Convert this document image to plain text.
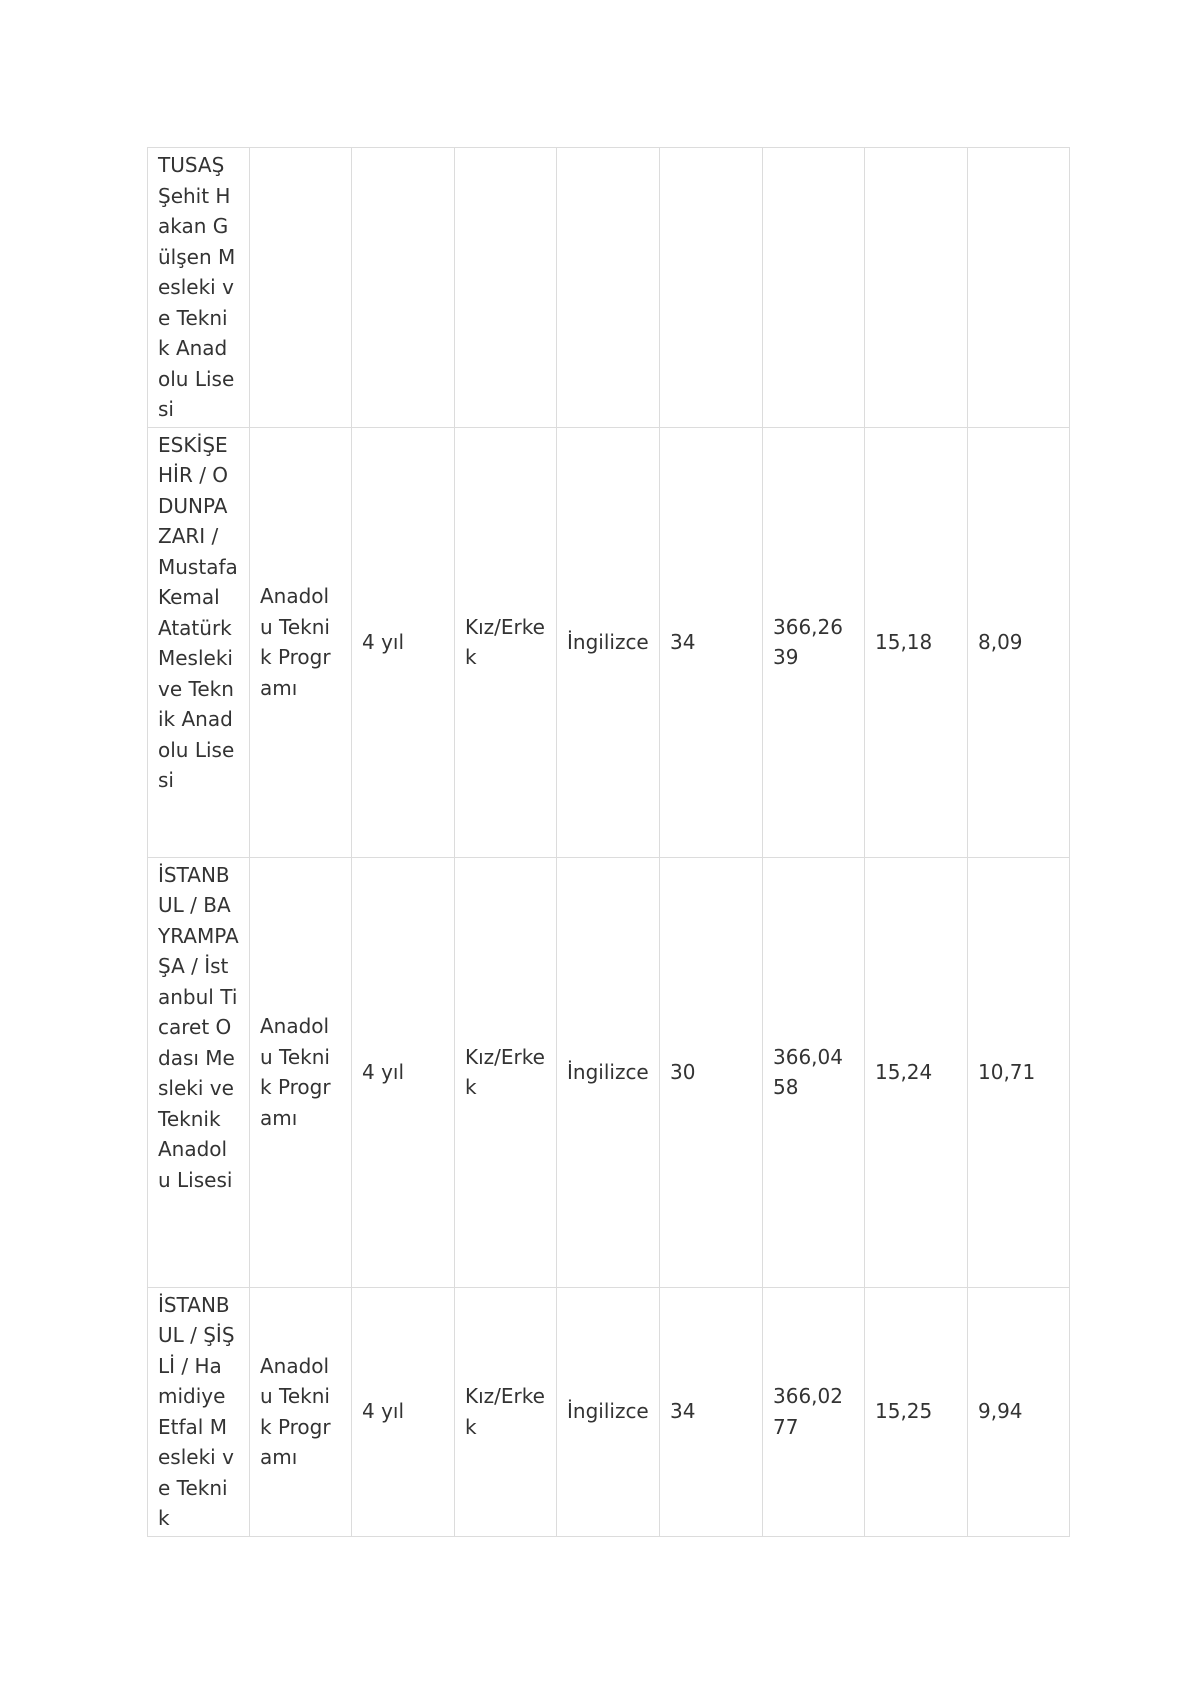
TUSAŞ Şehit Hakan Gülşen Mesleki ve Teknik Anadolu Lisesi								
ESKİŞEHİR / ODUNPAZARI / Mustafa Kemal Atatürk Mesleki ve Teknik Anadolu Lisesi	Anadolu Teknik Programı	4 yıl	Kız/Erkek	İngilizce	34	366,2639	15,18	8,09
İSTANBUL / BAYRAMPAŞA / İstanbul Ticaret Odası Mesleki ve Teknik Anadolu Lisesi	Anadolu Teknik Programı	4 yıl	Kız/Erkek	İngilizce	30	366,0458	15,24	10,71
İSTANBUL / ŞİŞLİ / Hamidiye Etfal Mesleki ve Teknik	Anadolu Teknik Programı	4 yıl	Kız/Erkek	İngilizce	34	366,0277	15,25	9,94
